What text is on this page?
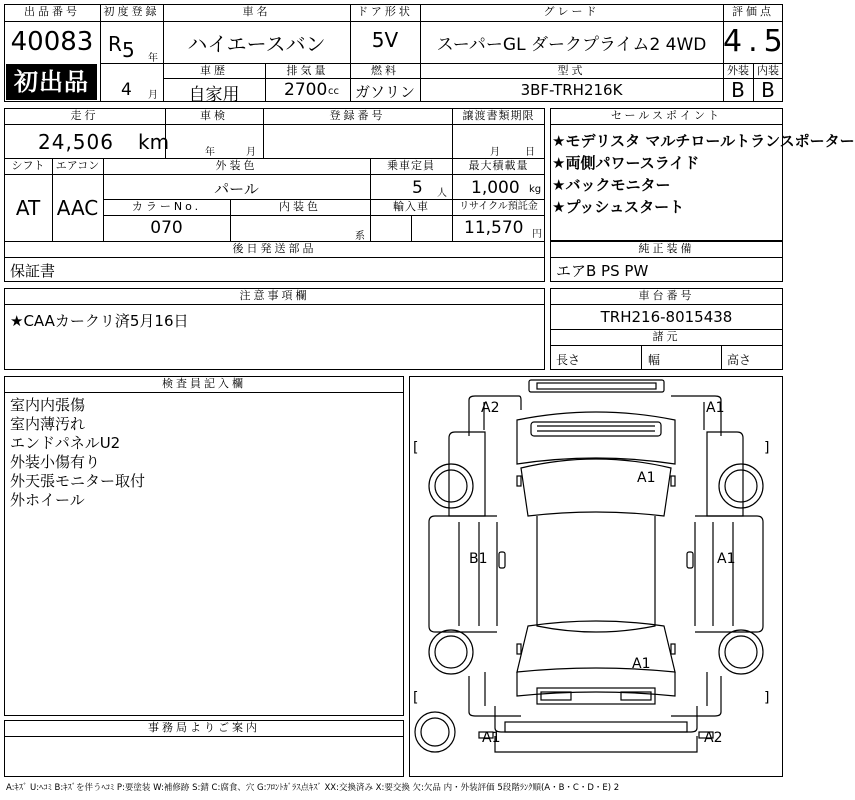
出品番号
40083
初出品
初度登録
R 5 年
4 月
車名
ハイエースバン
ドア形状
5V
グレード
スーパーGL ダークプライム2 4WD
評価点
4.5
車歴
自家用
排気量
2700 cc
燃料
ガソリン
型式
3BF-TRH216K
外装 内装
B B
走行
24,506 km
車検
年	月
登録番号	譲渡書類期限
月	日
シフト
AT
エアコン
AAC
外装色
パール
カラーNo.
070
内装色
系
乗車定員
5 人
最大積載量
1,000 kg
輸入車	リサイクル預託金
11,570 円
後日発送部品
保証書
セールスポイント
★モデリスタ マルチロールトランスポーター
★両側パワースライド
★バックモニター
★プッシュスタート
純正装備
エアB PS PW
注意事項欄
★CAAカークリ済5月16日
車台番号
TRH216-8015438
諸元
長さ	幅	高さ
検査員記入欄
室内内張傷
室内薄汚れ
エンドパネルU2
外装小傷有り
外天張モニター取付
外ホイール
事務局よりご案内
A2	A1
A1
B1	A1
A1
A1	A2
[	]
[	]
A:ｷｽﾞ U:ﾍｺﾐ B:ｷｽﾞを伴うﾍｺﾐ P:要塗装 W:補修跡 S:錆 C:腐食、穴 G:ﾌﾛﾝﾄｶﾞﾗｽ点ｷｽﾞ XX:交換済み X:要交換 欠:欠品 内・外装評価 5段階ﾗﾝｸ順(A・B・C・D・E) 2
